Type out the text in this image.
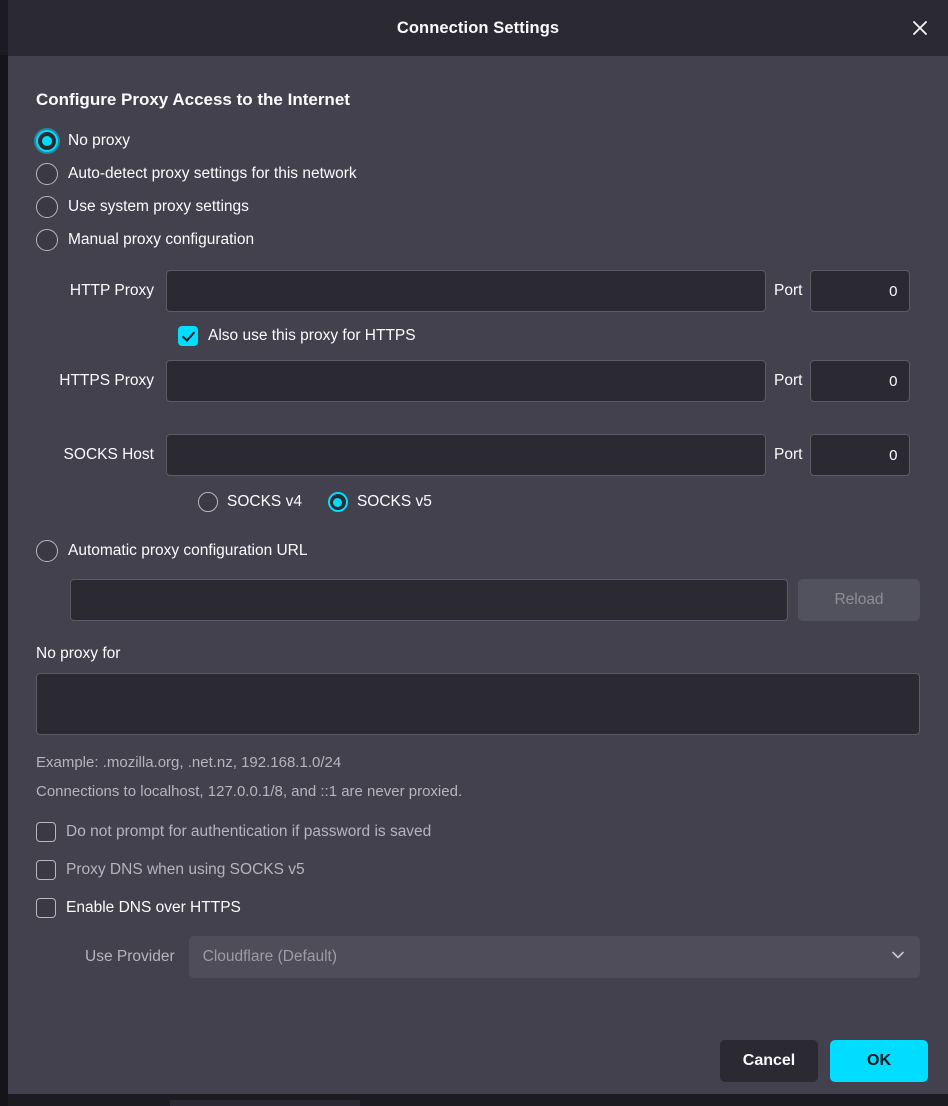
Connection Settings
Configure Proxy Access to the Internet
No proxy
Auto-detect proxy settings for this network
Use system proxy settings
Manual proxy configuration
HTTP Proxy	Port
0
Also use this proxy for HTTPS
HTTPS Proxy	Port
0
SOCKS Host	Port
0
SOCKS v4	SOCKS v5
Automatic proxy configuration URL
Reload
No proxy for
Example: .mozilla.org, .net.nz, 192.168.1.0/24
Connections to localhost, 127.0.0.1/8, and ::1 are never proxied.
Do not prompt for authentication if password is saved
Proxy DNS when using SOCKS v5
Enable DNS over HTTPS
Use Provider	Cloudflare (Default)
Cancel	OK
